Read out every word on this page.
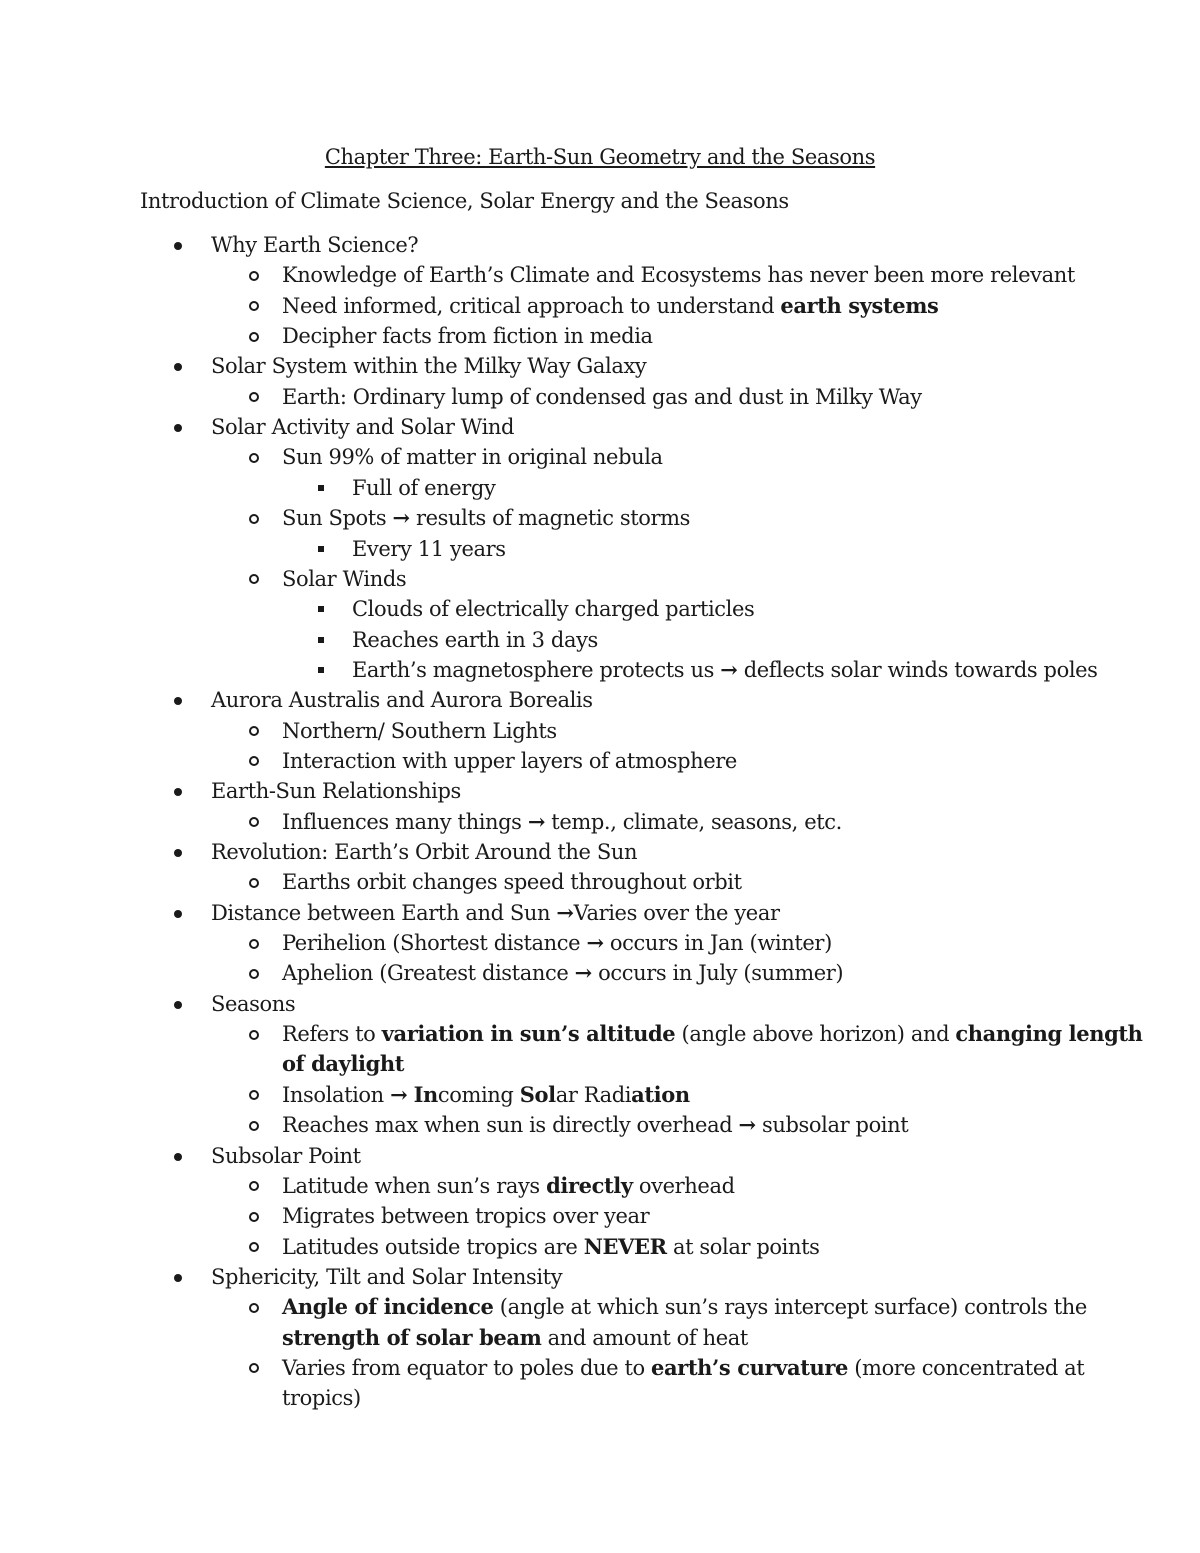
Chapter Three: Earth-Sun Geometry and the Seasons
Introduction of Climate Science, Solar Energy and the Seasons
Why Earth Science?
Knowledge of Earth’s Climate and Ecosystems has never been more relevant
Need informed, critical approach to understand earth systems
Decipher facts from fiction in media
Solar System within the Milky Way Galaxy
Earth: Ordinary lump of condensed gas and dust in Milky Way
Solar Activity and Solar Wind
Sun 99% of matter in original nebula
Full of energy
Sun Spots → results of magnetic storms
Every 11 years
Solar Winds
Clouds of electrically charged particles
Reaches earth in 3 days
Earth’s magnetosphere protects us → deflects solar winds towards poles
Aurora Australis and Aurora Borealis
Northern/ Southern Lights
Interaction with upper layers of atmosphere
Earth-Sun Relationships
Influences many things → temp., climate, seasons, etc.
Revolution: Earth’s Orbit Around the Sun
Earths orbit changes speed throughout orbit
Distance between Earth and Sun →Varies over the year
Perihelion (Shortest distance → occurs in Jan (winter)
Aphelion (Greatest distance → occurs in July (summer)
Seasons
Refers to variation in sun’s altitude (angle above horizon) and changing length
of daylight
Insolation → Incoming Solar Radiation
Reaches max when sun is directly overhead → subsolar point
Subsolar Point
Latitude when sun’s rays directly overhead
Migrates between tropics over year
Latitudes outside tropics are NEVER at solar points
Sphericity, Tilt and Solar Intensity
Angle of incidence (angle at which sun’s rays intercept surface) controls the
strength of solar beam and amount of heat
Varies from equator to poles due to earth’s curvature (more concentrated at
tropics)
